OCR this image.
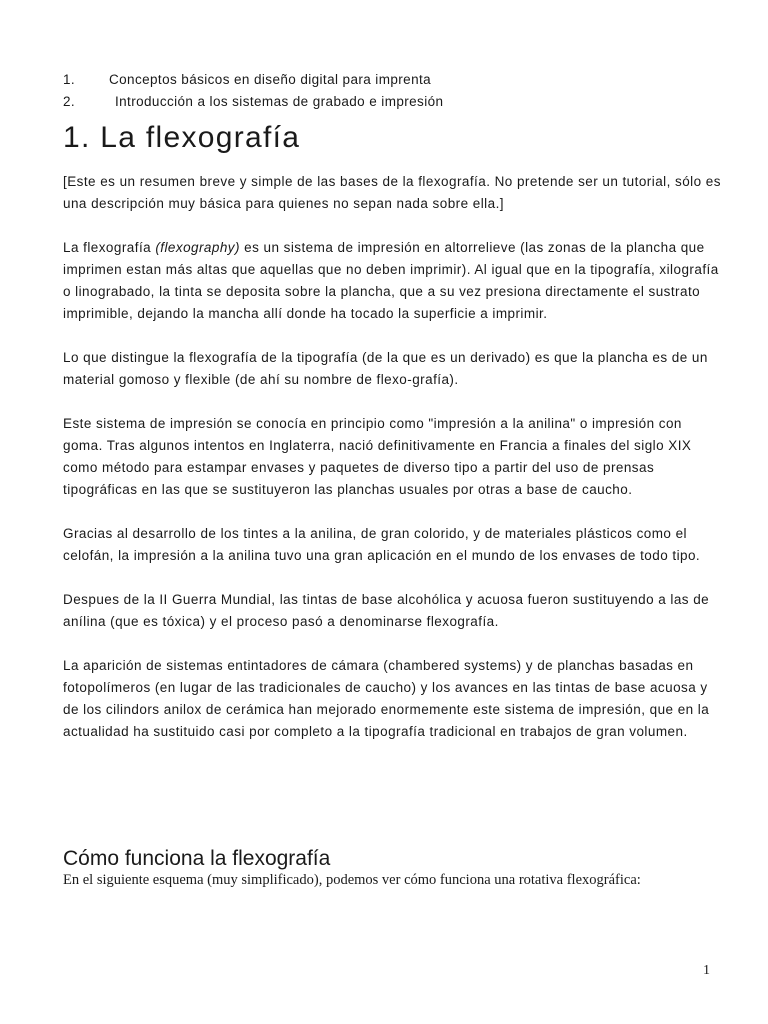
1.	Conceptos básicos en diseño digital para imprenta
2.	Introducción a los sistemas de grabado e impresión
1. La flexografía

[Este es un resumen breve y simple de las bases de la flexografía. No pretende ser un tutorial, sólo es una descripción muy básica para quienes no sepan nada sobre ella.]

La flexografía (flexography) es un sistema de impresión en altorrelieve (las zonas de la plancha que imprimen estan más altas que aquellas que no deben imprimir). Al igual que en la tipografía, xilografía o linograbado, la tinta se deposita sobre la plancha, que a su vez presiona directamente el sustrato imprimible, dejando la mancha allí donde ha tocado la superficie a imprimir.

Lo que distingue la flexografía de la tipografía (de la que es un derivado) es que la plancha es de un material gomoso y flexible (de ahí su nombre de flexo-grafía).

Este sistema de impresión se conocía en principio como "impresión a la anilina" o impresión con goma. Tras algunos intentos en Inglaterra, nació definitivamente en Francia a finales del siglo XIX como método para estampar envases y paquetes de diverso tipo a partir del uso de prensas tipográficas en las que se sustituyeron las planchas usuales por otras a base de caucho.

Gracias al desarrollo de los tintes a la anilina, de gran colorido, y de materiales plásticos como el celofán, la impresión a la anilina tuvo una gran aplicación en el mundo de los envases de todo tipo.

Despues de la II Guerra Mundial, las tintas de base alcohólica y acuosa fueron sustituyendo a las de anílina (que es tóxica) y el proceso pasó a denominarse flexografía.

La aparición de sistemas entintadores de cámara (chambered systems) y de planchas basadas en fotopolímeros (en lugar de las tradicionales de caucho) y los avances en las tintas de base acuosa y de los cilindors anilox de cerámica han mejorado enormemente este sistema de impresión, que en la actualidad ha sustituido casi por completo a la tipografía tradicional en trabajos de gran volumen.

Cómo funciona la flexografía
En el siguiente esquema (muy simplificado), podemos ver cómo funciona una rotativa flexográfica:
1
